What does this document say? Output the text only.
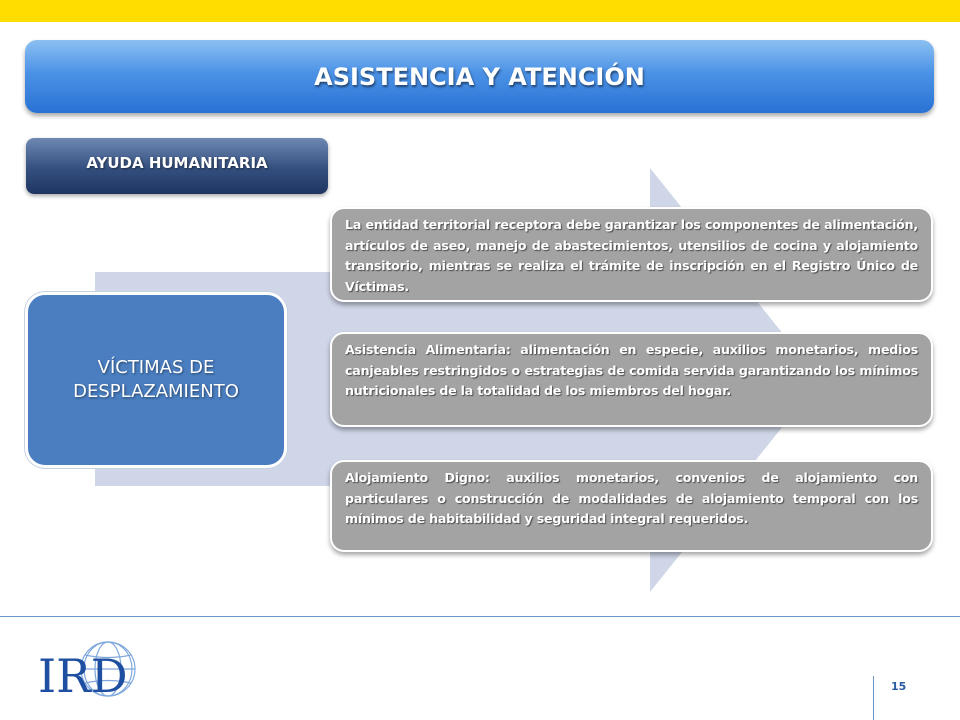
ASISTENCIA Y ATENCIÓN
AYUDA HUMANITARIA
VÍCTIMAS DE
DESPLAZAMIENTO

La entidad territorial receptora debe garantizar los componentes de alimentación, artículos de aseo, manejo de abastecimientos, utensilios de cocina y alojamiento transitorio, mientras se realiza el trámite de inscripción en el Registro Único de Víctimas.

Asistencia Alimentaria: alimentación en especie, auxilios monetarios, medios canjeables restringidos o estrategias de comida servida garantizando los mínimos nutricionales de la totalidad de los miembros del hogar.

Alojamiento Digno: auxilios monetarios, convenios de alojamiento con particulares o construcción de modalidades de alojamiento temporal con los mínimos de habitabilidad y seguridad integral requeridos.

IRD	15
